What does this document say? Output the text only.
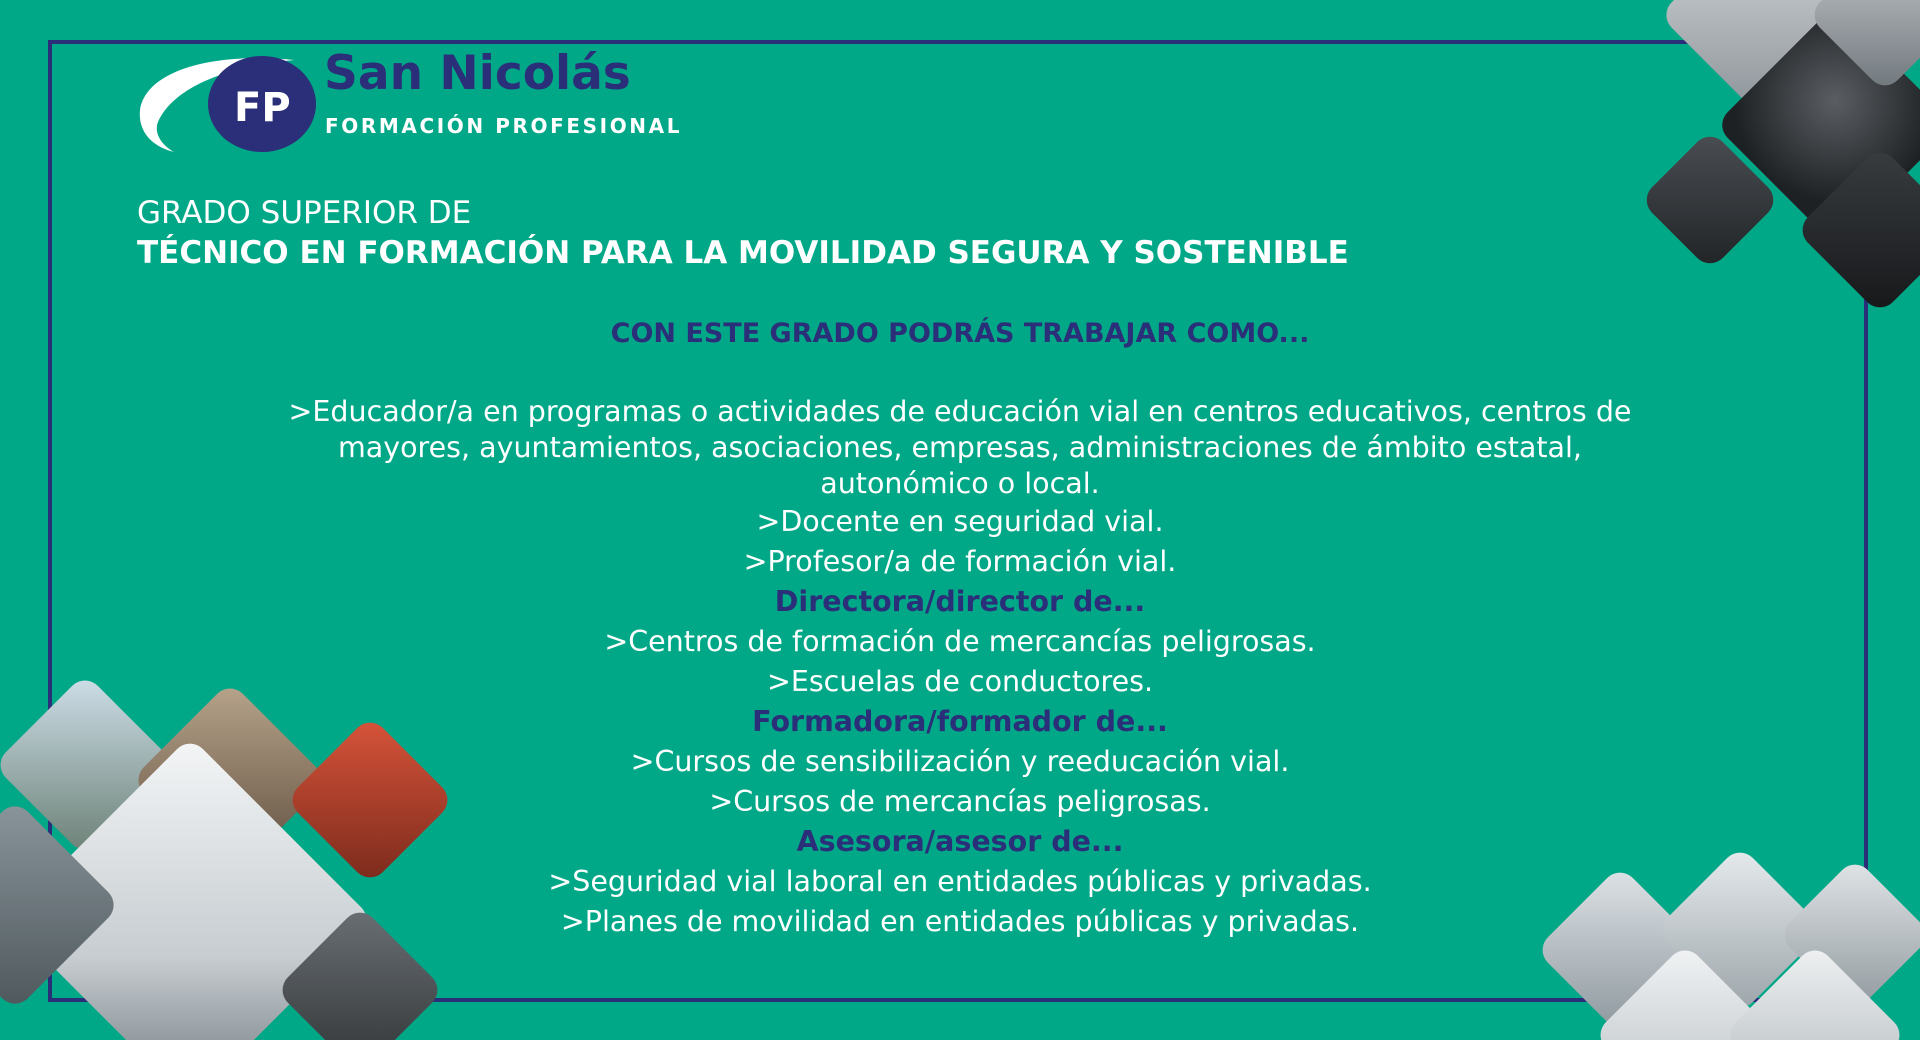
FP
San Nicolás
FORMACIÓN PROFESIONAL
GRADO SUPERIOR DE
TÉCNICO EN FORMACIÓN PARA LA MOVILIDAD SEGURA Y SOSTENIBLE
CON ESTE GRADO PODRÁS TRABAJAR COMO...
>Educador/a en programas o actividades de educación vial en centros educativos, centros de mayores, ayuntamientos, asociaciones, empresas, administraciones de ámbito estatal, autonómico o local.
>Docente en seguridad vial.
>Profesor/a de formación vial.
Directora/director de...
>Centros de formación de mercancías peligrosas.
>Escuelas de conductores.
Formadora/formador de...
>Cursos de sensibilización y reeducación vial.
>Cursos de mercancías peligrosas.
Asesora/asesor de...
>Seguridad vial laboral en entidades públicas y privadas.
>Planes de movilidad en entidades públicas y privadas.
